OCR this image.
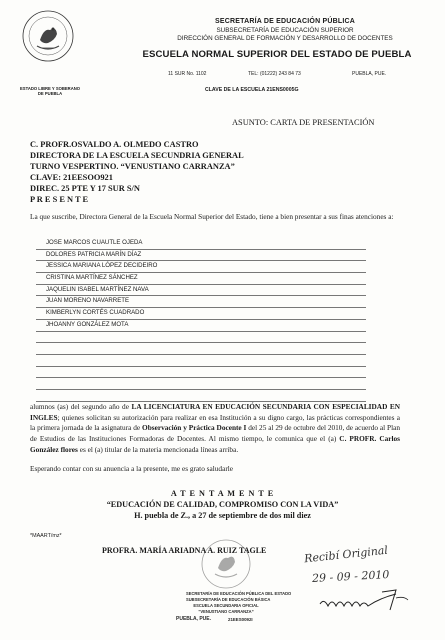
ESTADO LIBRE Y SOBERANO
DE PUEBLA
SECRETARÍA DE EDUCACIÓN PÚBLICA
SUBSECRETARÍA DE EDUCACIÓN SUPERIOR
DIRECCIÓN GENERAL DE FORMACIÓN Y DESARROLLO DE DOCENTES
ESCUELA NORMAL SUPERIOR DEL ESTADO DE PUEBLA
11 SUR No. 1102	TEL: (01222) 243 84 73	PUEBLA, PUE.
CLAVE DE LA ESCUELA 21ENS0005G
ASUNTO: CARTA DE PRESENTACIÓN
C. PROFR.OSVALDO A. OLMEDO CASTRO
DIRECTORA DE LA ESCUELA SECUNDRIA GENERAL
TURNO VESPERTINO. “VENUSTIANO CARRANZA”
CLAVE: 21EESOO921
DIREC. 25 PTE Y 17 SUR S/N
P R E S E N T E
La que suscribe, Directora General de la Escuela Normal Superior del Estado, tiene a bien presentar a sus finas atenciones a:
JOSE MARCOS CUAUTLE OJEDA
DOLORES PATRICIA MARÍN DÍAZ
JESSICA MARIANA LÓPEZ DECIDEIRO
CRISTINA MARTÍNEZ SÁNCHEZ
JAQUELIN ISABEL MARTÍNEZ NAVA
JUAN MORENO NAVARRETE
KIMBERLYN CORTÉS CUADRADO
JHOANNY GONZÁLEZ MOTA
alumnos (as) del segundo año de LA LICENCIATURA EN EDUCACIÓN SECUNDARIA CON ESPECIALIDAD EN INGLES; quienes solicitan su autorización para realizar en esa Institución a su digno cargo, las prácticas correspondientes a la primera jornada de la asignatura de Observación y Práctica Docente I del 25 al 29 de octubre del 2010, de acuerdo al Plan de Estudios de las Instituciones Formadoras de Docentes. Al mismo tiempo, le comunica que el (a) C. PROFR. Carlos González flores es el (a) titular de la materia mencionada líneas arriba.
Esperando contar con su anuencia a la presente, me es grato saludarle
A T E N T A M E N T E
“EDUCACIÓN DE CALIDAD, COMPROMISO CON LA VIDA”
H. puebla de Z., a 27 de septiembre de dos mil diez
*MAART/mz*
PROFRA. MARÍA ARIADNA A. RUIZ TAGLE
SECRETARÍA DE EDUCACIÓN PÚBLICA DEL ESTADO
SUBSECRETARÍA DE EDUCACIÓN BÁSICA
ESCUELA SECUNDARIA OFICIAL
“VENUSTIANO CARRANZA”
PUEBLA, PUE.	21EES0092I
Recibí Original
29 - 09 - 2010
